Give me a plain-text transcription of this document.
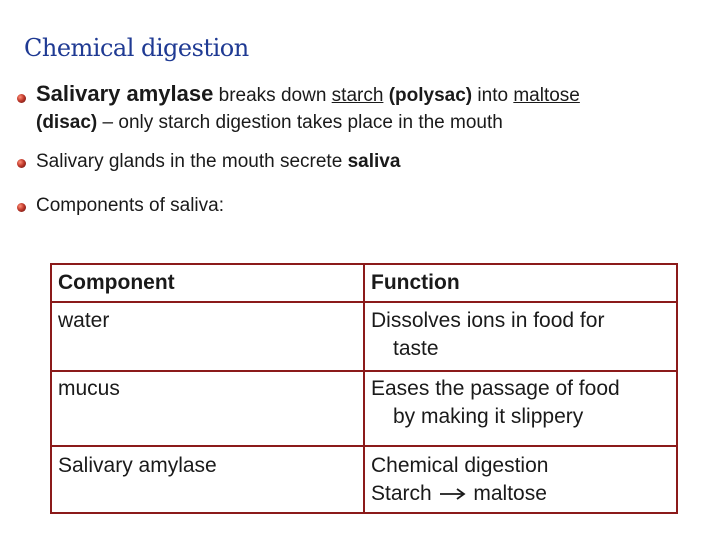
Chemical digestion
Salivary amylase breaks down starch (polysac) into maltose
(disac) – only starch digestion takes place in the mouth
Salivary glands in the mouth secrete saliva
Components of saliva:
Component	Function
water	Dissolves ions in food for
taste
mucus	Eases the passage of food
by making it slippery
Salivary amylase	Chemical digestion
Starch  maltose
